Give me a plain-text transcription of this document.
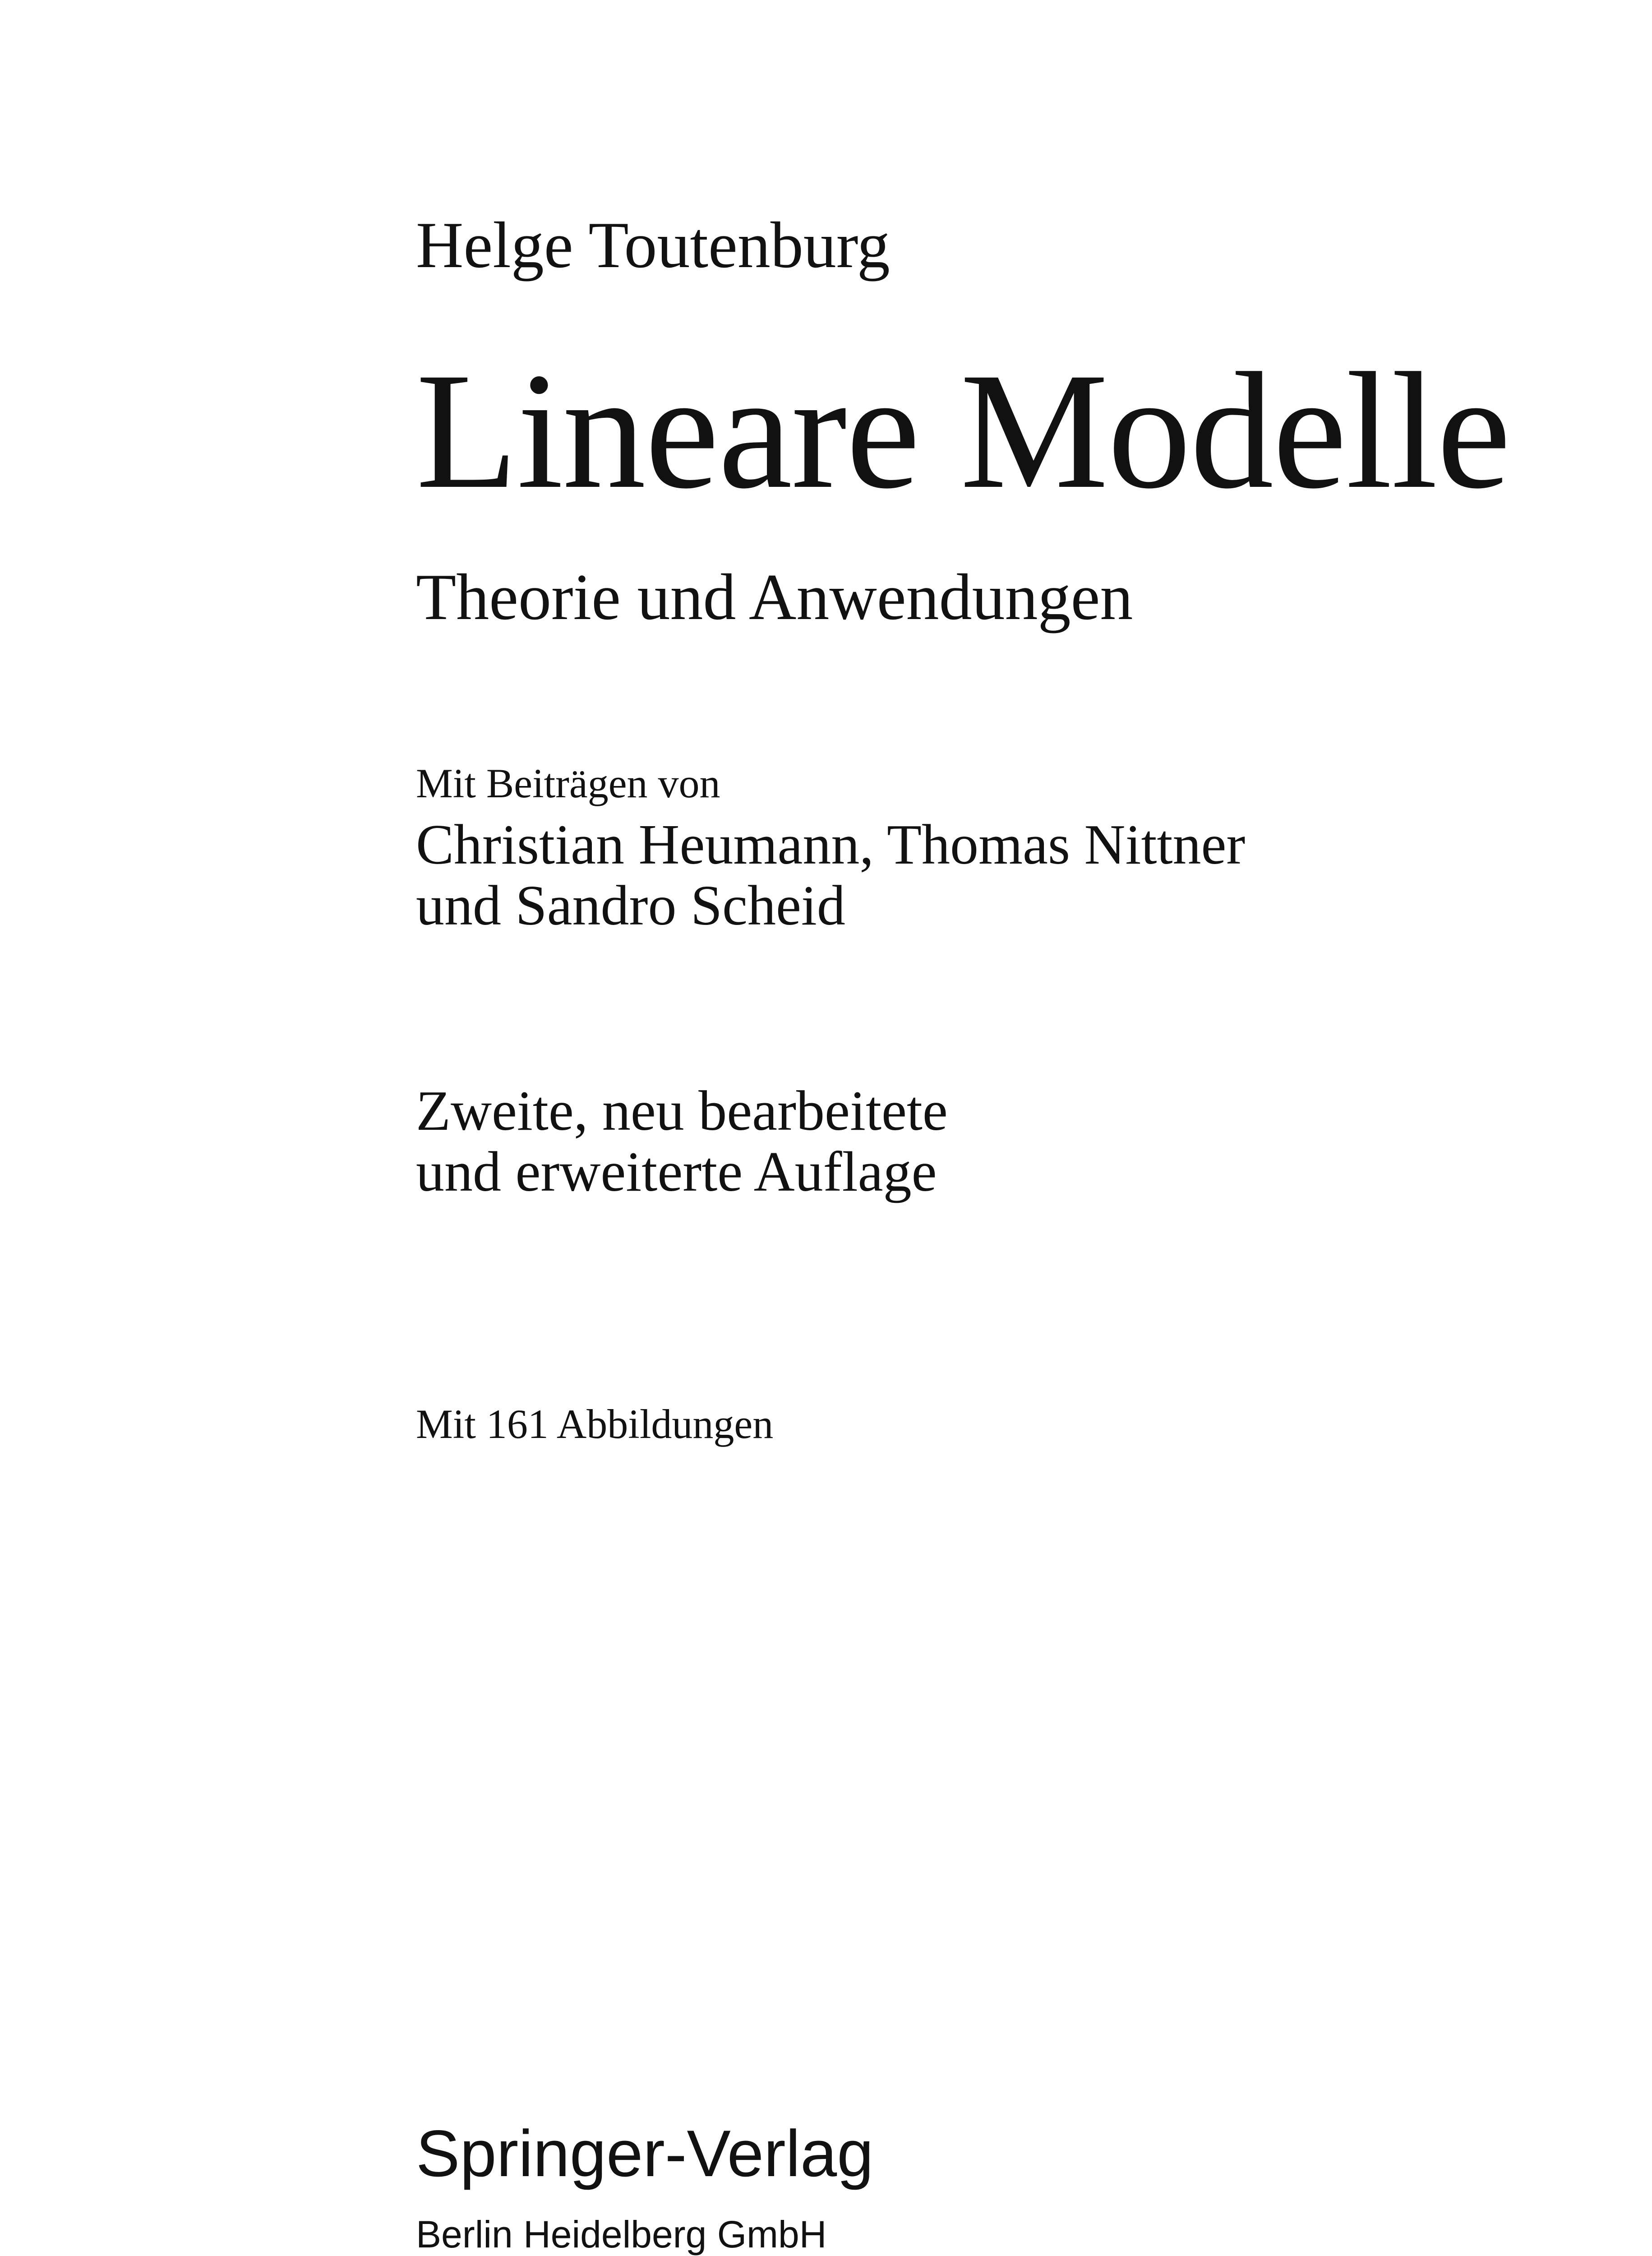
Helge Toutenburg

Lineare Modelle

Theorie und Anwendungen

Mit Beiträgen von

Christian Heumann, Thomas Nittner

und Sandro Scheid

Zweite, neu bearbeitete

und erweiterte Auflage

Mit 161 Abbildungen

Springer-Verlag

Berlin Heidelberg GmbH
